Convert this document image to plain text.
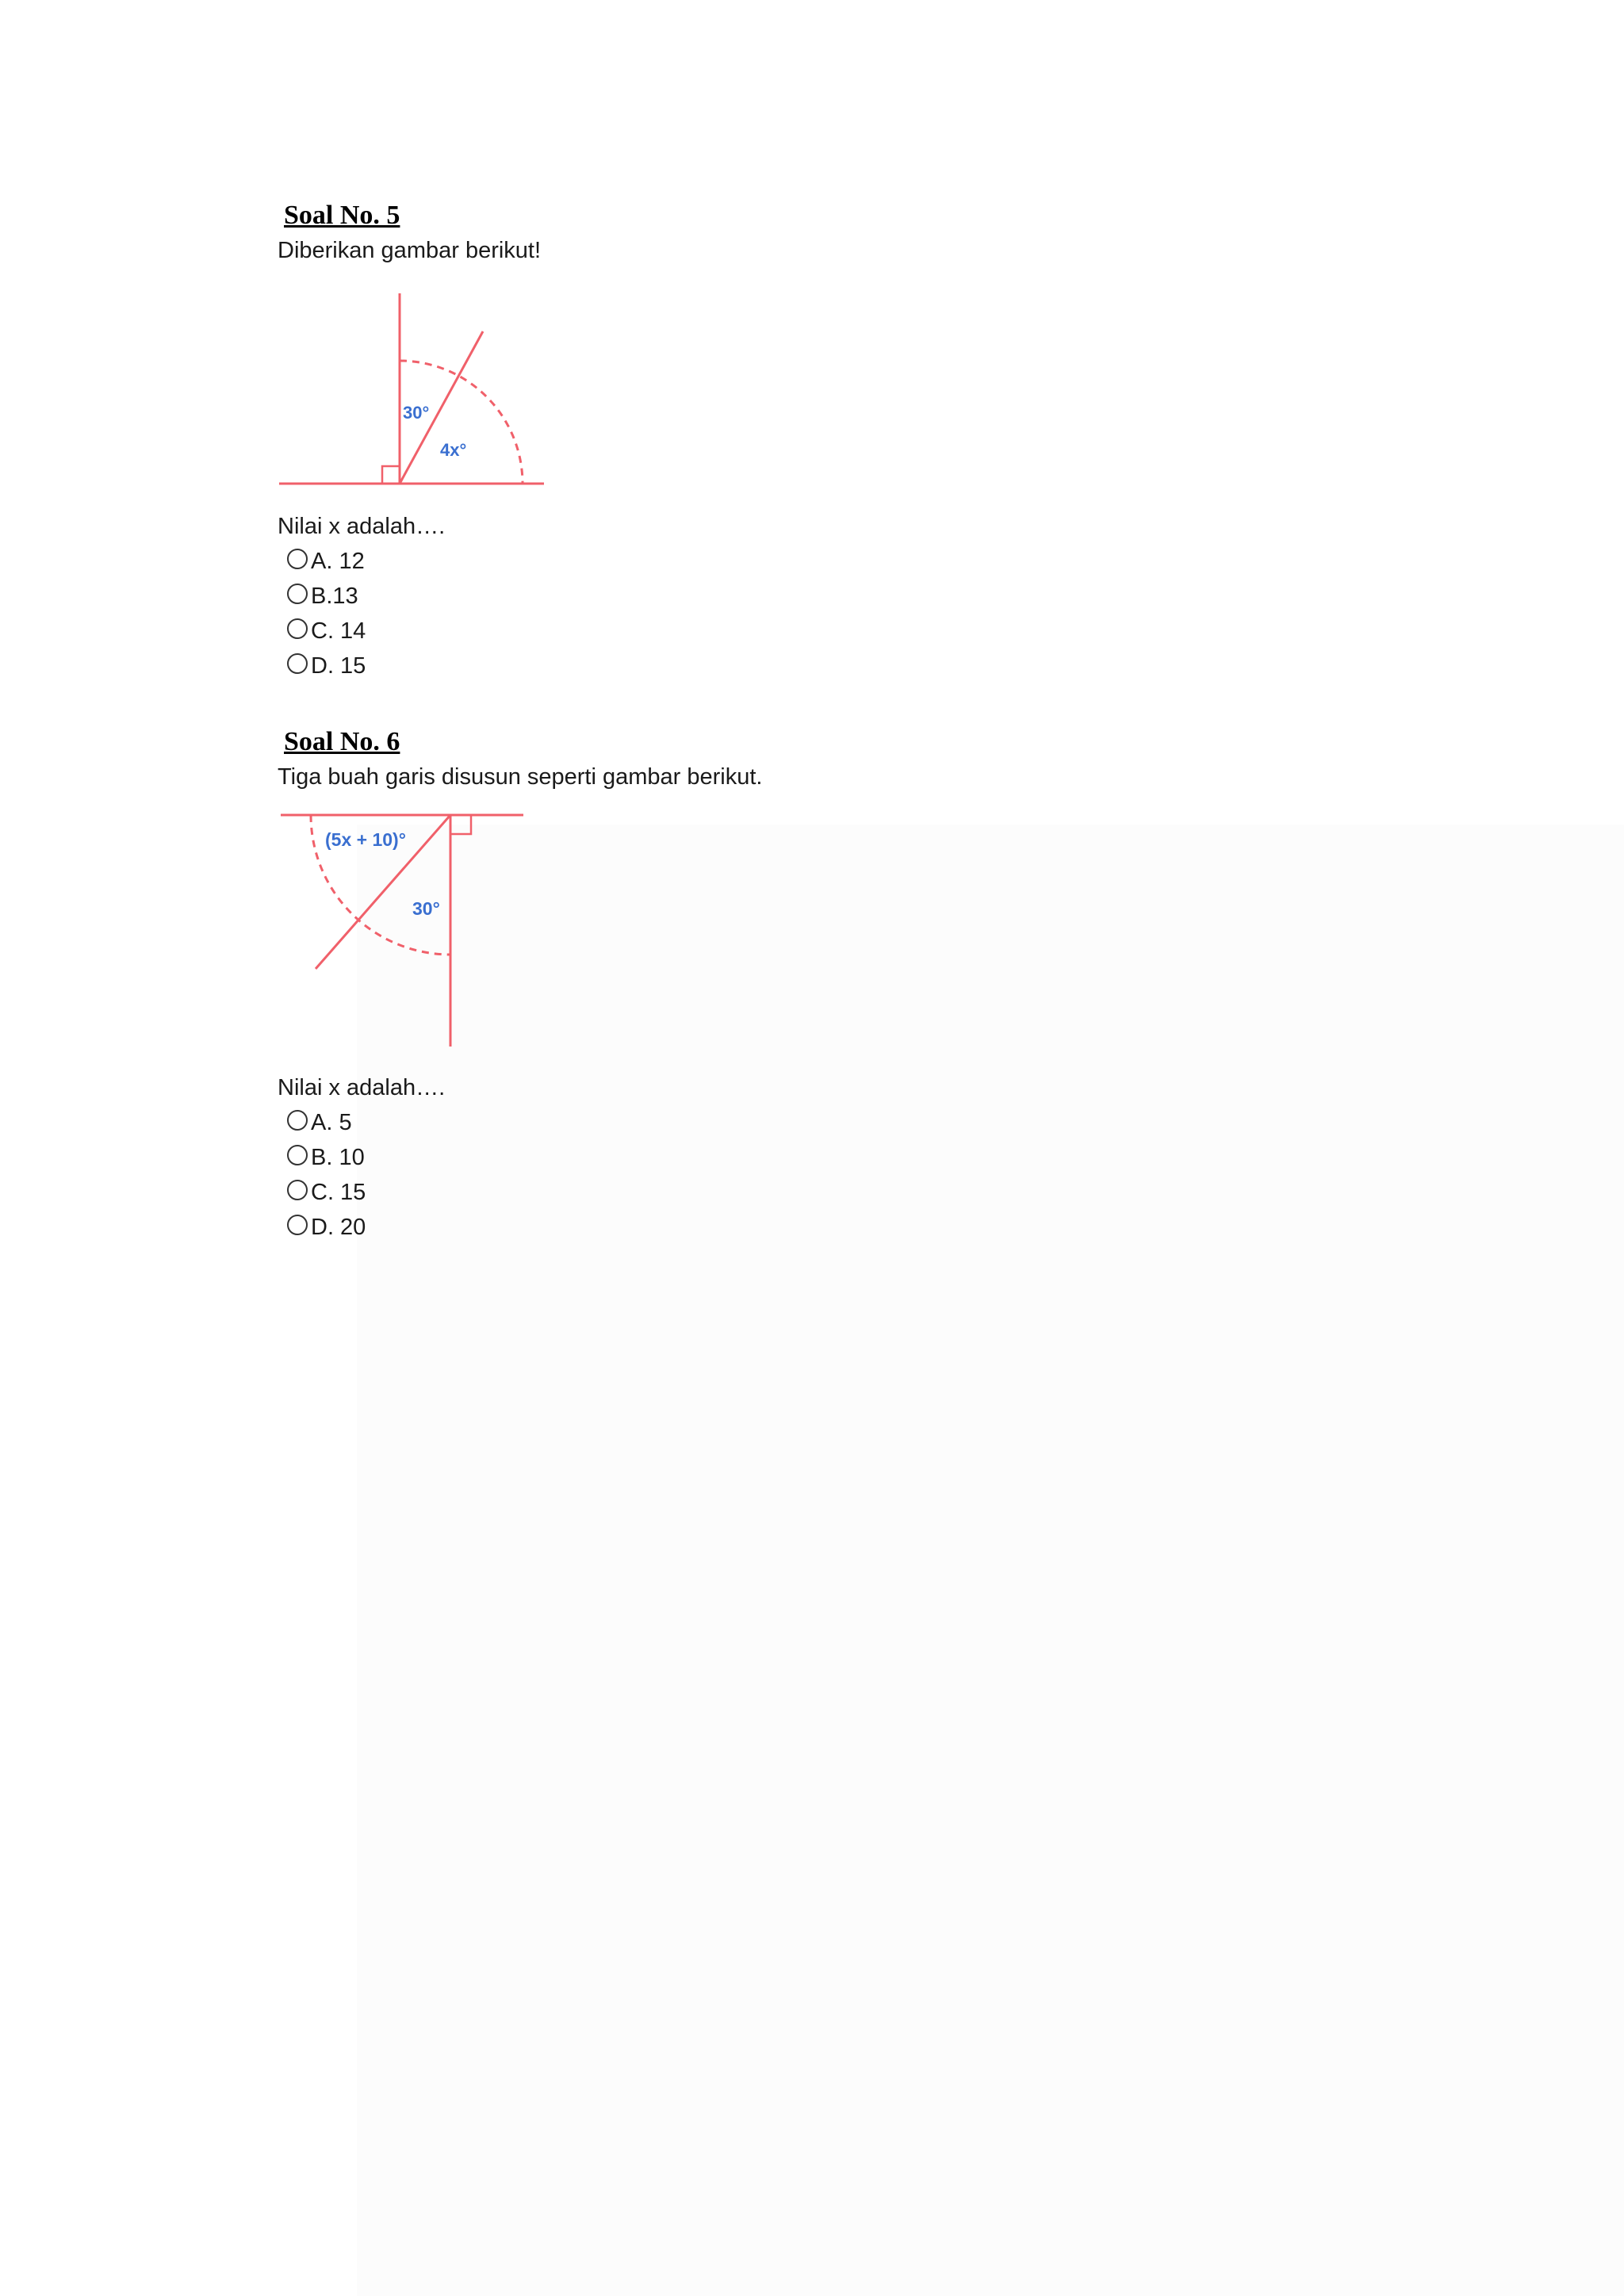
Soal No. 5
Diberikan gambar berikut!
30°
4x°
Nilai x adalah….
A. 12
B.13
C. 14
D. 15
Soal No. 6
Tiga buah garis disusun seperti gambar berikut.
(5x + 10)°
30°
Nilai x adalah….
A. 5
B. 10
C. 15
D. 20
